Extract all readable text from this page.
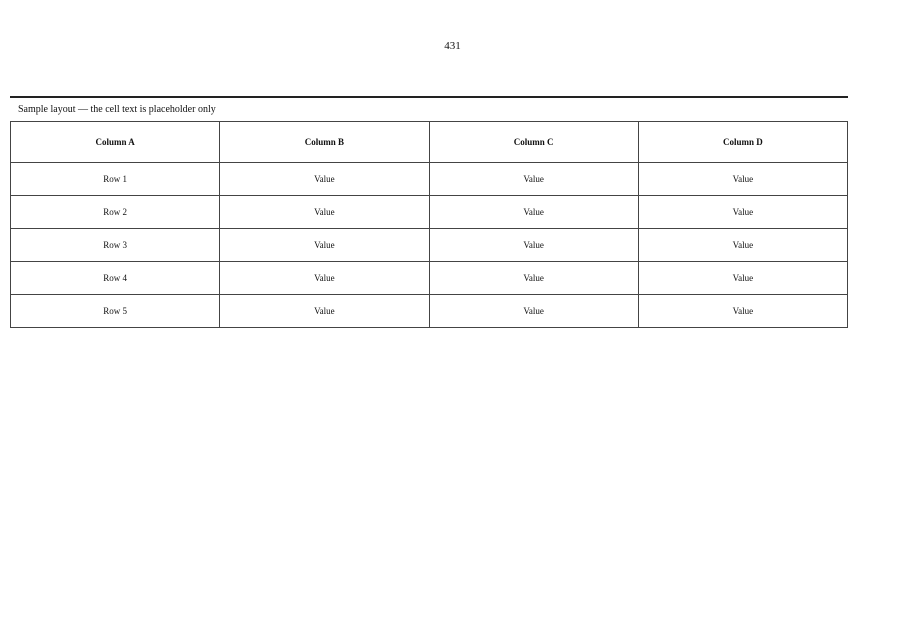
431
Sample layout — the cell text is placeholder only
Column A	Column B	Column C	Column D
Row 1	Value	Value	Value
Row 2	Value	Value	Value
Row 3	Value	Value	Value
Row 4	Value	Value	Value
Row 5	Value	Value	Value
